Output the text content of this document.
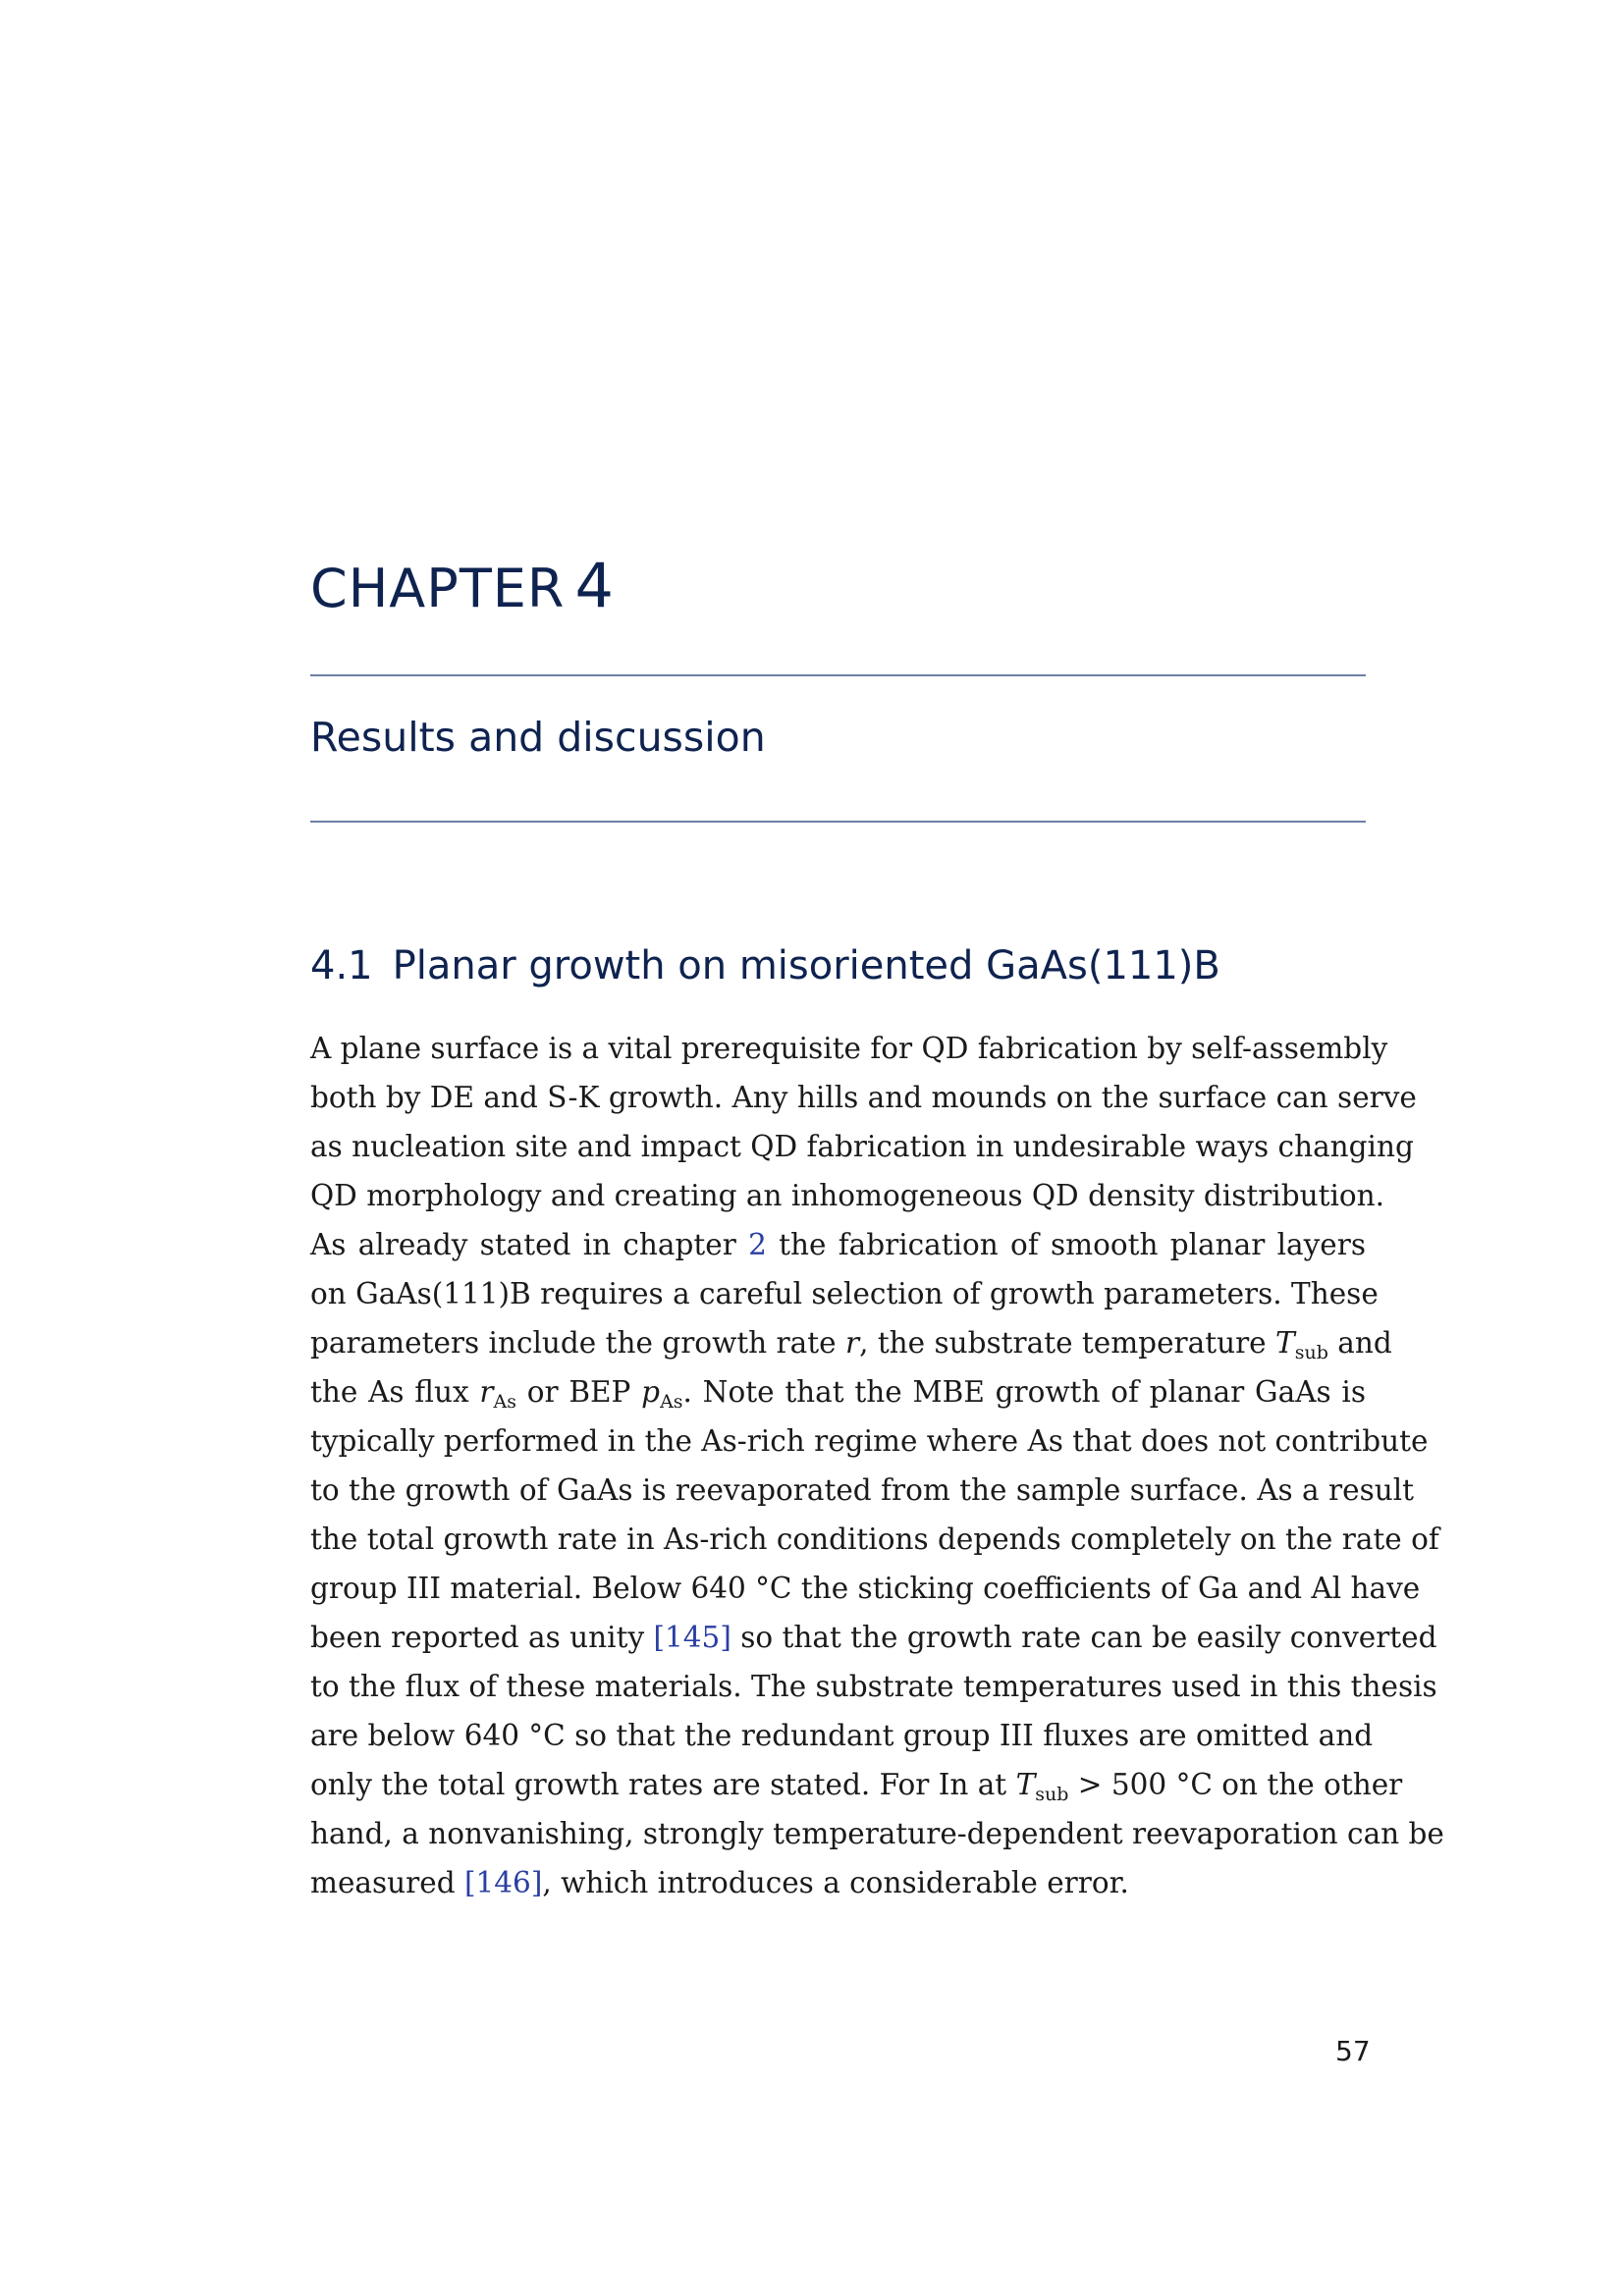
CHAPTER 4
Results and discussion
4.1 Planar growth on misoriented GaAs(111)B
A plane surface is a vital prerequisite for QD fabrication by self-assembly
both by DE and S-K growth. Any hills and mounds on the surface can serve
as nucleation site and impact QD fabrication in undesirable ways changing
QD morphology and creating an inhomogeneous QD density distribution.
As already stated in chapter 2 the fabrication of smooth planar layers
on GaAs(111)B requires a careful selection of growth parameters. These
parameters include the growth rate r, the substrate temperature $T_{sub}$ and
the As flux $r_{As}$ or BEP $p_{As}$. Note that the MBE growth of planar GaAs is
typically performed in the As-rich regime where As that does not contribute
to the growth of GaAs is reevaporated from the sample surface. As a result
the total growth rate in As-rich conditions depends completely on the rate of
group III material. Below 640 °C the sticking coefficients of Ga and Al have
been reported as unity [145] so that the growth rate can be easily converted
to the flux of these materials. The substrate temperatures used in this thesis
are below 640 °C so that the redundant group III fluxes are omitted and
only the total growth rates are stated. For In at $T_{sub} > 500$ °C on the other
hand, a nonvanishing, strongly temperature-dependent reevaporation can be
measured [146], which introduces a considerable error.
57
